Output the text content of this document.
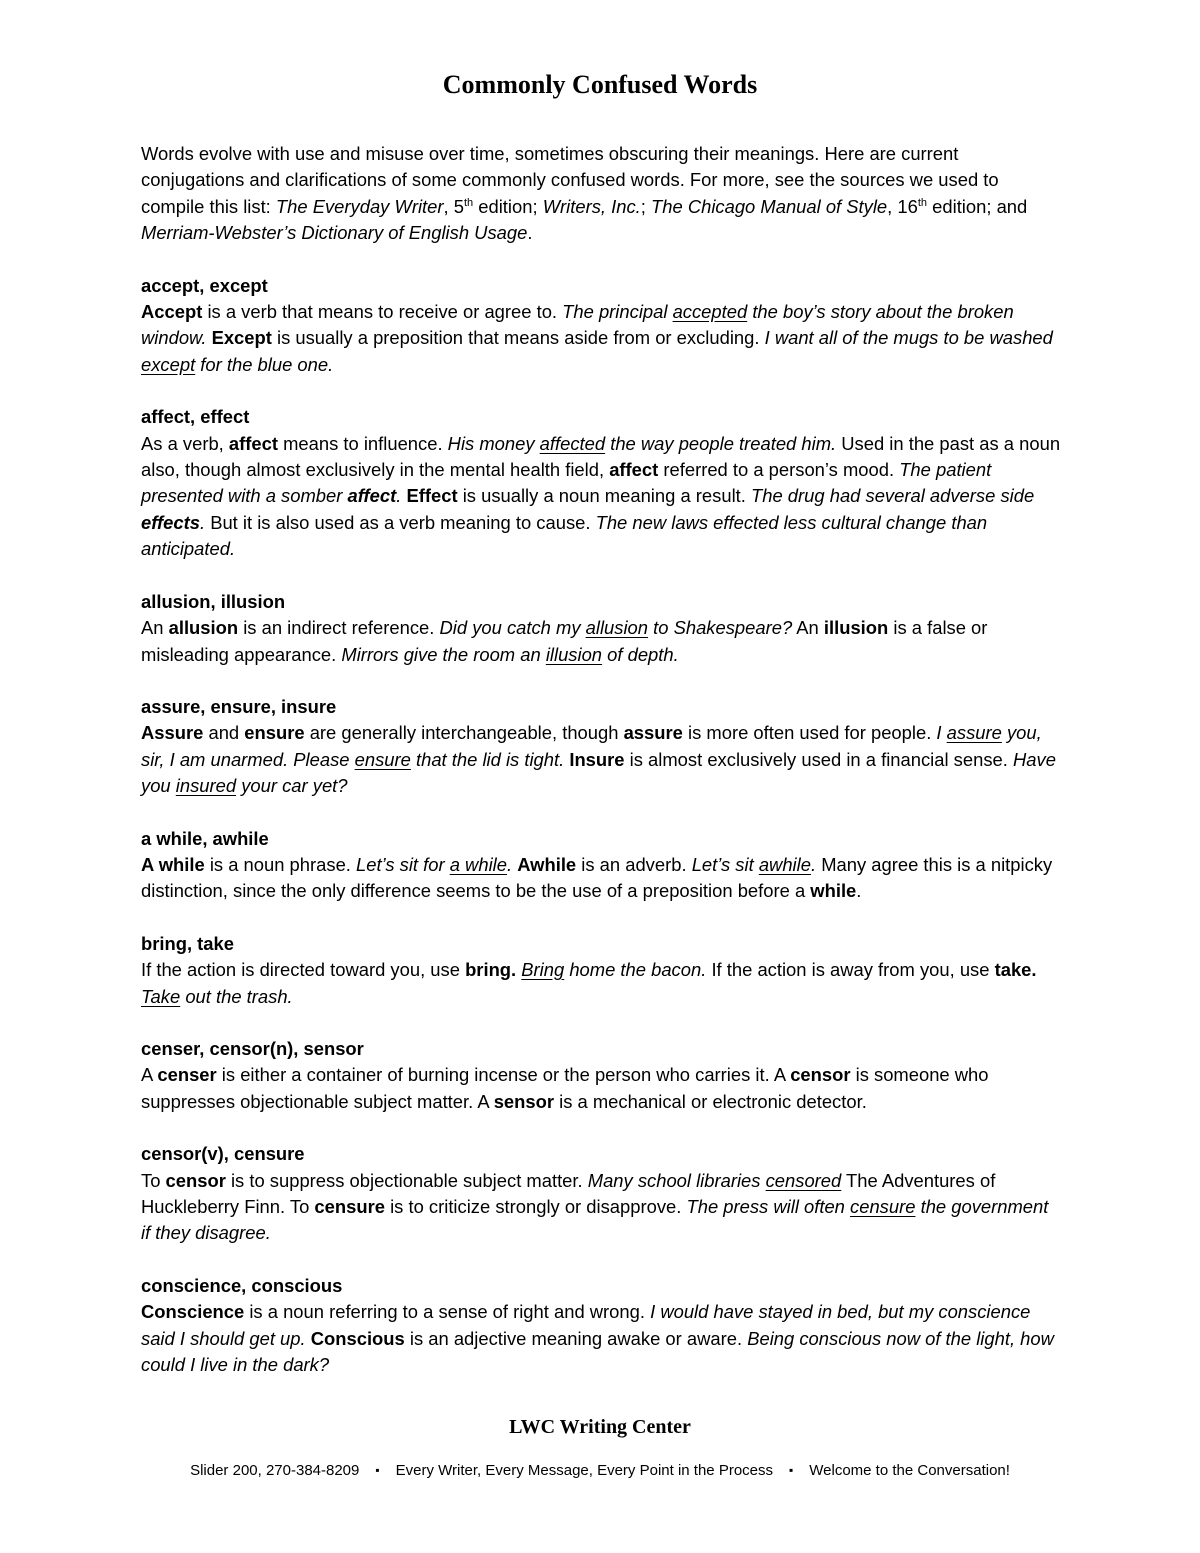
Commonly Confused Words

Words evolve with use and misuse over time, sometimes obscuring their meanings. Here are current conjugations and clarifications of some commonly confused words. For more, see the sources we used to compile this list: The Everyday Writer, 5th edition; Writers, Inc.; The Chicago Manual of Style, 16th edition; and Merriam-Webster’s Dictionary of English Usage.

accept, except

Accept is a verb that means to receive or agree to. The principal accepted the boy’s story about the broken window. Except is usually a preposition that means aside from or excluding. I want all of the mugs to be washed except for the blue one.

affect, effect

As a verb, affect means to influence. His money affected the way people treated him. Used in the past as a noun also, though almost exclusively in the mental health field, affect referred to a person’s mood. The patient presented with a somber affect. Effect is usually a noun meaning a result. The drug had several adverse side effects. But it is also used as a verb meaning to cause. The new laws effected less cultural change than anticipated.

allusion, illusion

An allusion is an indirect reference. Did you catch my allusion to Shakespeare? An illusion is a false or misleading appearance. Mirrors give the room an illusion of depth.

assure, ensure, insure

Assure and ensure are generally interchangeable, though assure is more often used for people. I assure you, sir, I am unarmed. Please ensure that the lid is tight. Insure is almost exclusively used in a financial sense. Have you insured your car yet?

a while, awhile

A while is a noun phrase. Let’s sit for a while. Awhile is an adverb. Let’s sit awhile. Many agree this is a nitpicky distinction, since the only difference seems to be the use of a preposition before a while.

bring, take

If the action is directed toward you, use bring. Bring home the bacon. If the action is away from you, use take. Take out the trash.

censer, censor(n), sensor

A censer is either a container of burning incense or the person who carries it. A censor is someone who suppresses objectionable subject matter. A sensor is a mechanical or electronic detector.

censor(v), censure

To censor is to suppress objectionable subject matter. Many school libraries censored The Adventures of Huckleberry Finn. To censure is to criticize strongly or disapprove. The press will often censure the government if they disagree.

conscience, conscious

Conscience is a noun referring to a sense of right and wrong. I would have stayed in bed, but my conscience said I should get up. Conscious is an adjective meaning awake or aware. Being conscious now of the light, how could I live in the dark?

LWC Writing Center

Slider 200, 270-384-8209 ▪ Every Writer, Every Message, Every Point in the Process ▪ Welcome to the Conversation!
